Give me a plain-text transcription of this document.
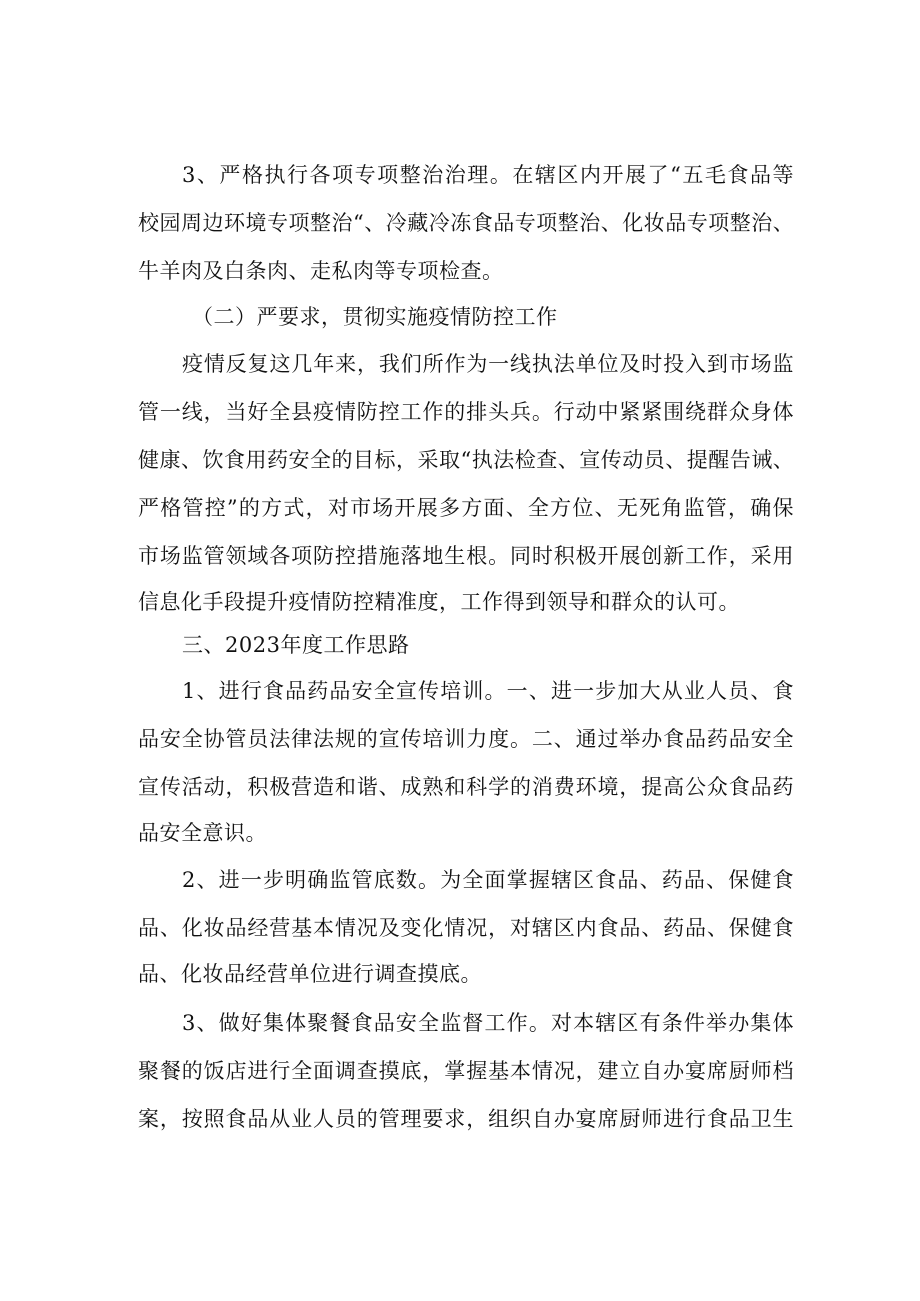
3、严格执行各项专项整治治理。在辖区内开展了“五毛食品等

校园周边环境专项整治“、冷藏冷冻食品专项整治、化妆品专项整治、

牛羊肉及白条肉、走私肉等专项检查。

（二）严要求，贯彻实施疫情防控工作

疫情反复这几年来，我们所作为一线执法单位及时投入到市场监

管一线，当好全县疫情防控工作的排头兵。行动中紧紧围绕群众身体

健康、饮食用药安全的目标，采取“执法检查、宣传动员、提醒告诫、

严格管控”的方式，对市场开展多方面、全方位、无死角监管，确保

市场监管领域各项防控措施落地生根。同时积极开展创新工作，采用

信息化手段提升疫情防控精准度，工作得到领导和群众的认可。

三、2023年度工作思路

1、进行食品药品安全宣传培训。一、进一步加大从业人员、食

品安全协管员法律法规的宣传培训力度。二、通过举办食品药品安全

宣传活动，积极营造和谐、成熟和科学的消费环境，提高公众食品药

品安全意识。

2、进一步明确监管底数。为全面掌握辖区食品、药品、保健食

品、化妆品经营基本情况及变化情况，对辖区内食品、药品、保健食

品、化妆品经营单位进行调查摸底。

3、做好集体聚餐食品安全监督工作。对本辖区有条件举办集体

聚餐的饭店进行全面调查摸底，掌握基本情况，建立自办宴席厨师档

案，按照食品从业人员的管理要求，组织自办宴席厨师进行食品卫生
